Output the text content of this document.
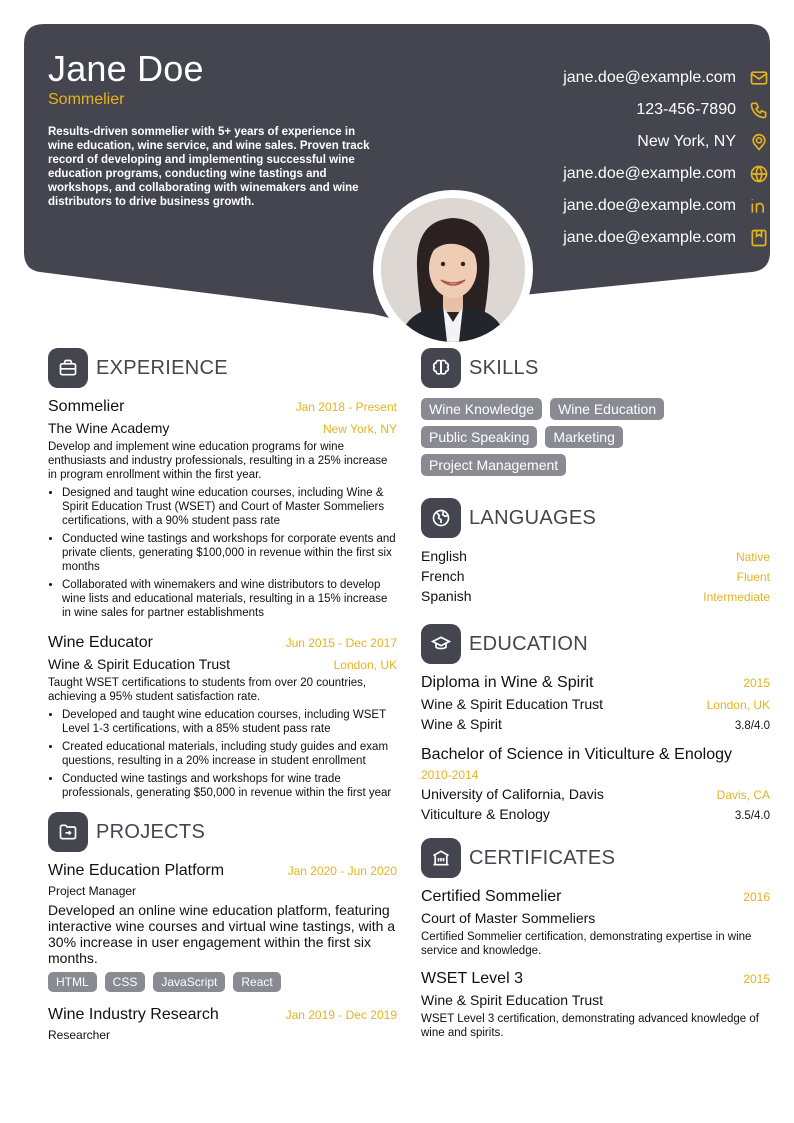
Jane Doe
Sommelier
Results-driven sommelier with 5+ years of experience in wine education, wine service, and wine sales. Proven track record of developing and implementing successful wine education programs, conducting wine tastings and workshops, and collaborating with winemakers and wine distributors to drive business growth.
jane.doe@example.com
123-456-7890
New York, NY
jane.doe@example.com
jane.doe@example.com
jane.doe@example.com
EXPERIENCE
Sommelier	Jan 2018 - Present
The Wine Academy	New York, NY
Develop and implement wine education programs for wine enthusiasts and industry professionals, resulting in a 25% increase in program enrollment within the first year.
• Designed and taught wine education courses, including Wine & Spirit Education Trust (WSET) and Court of Master Sommeliers certifications, with a 90% student pass rate
• Conducted wine tastings and workshops for corporate events and private clients, generating $100,000 in revenue within the first six months
• Collaborated with winemakers and wine distributors to develop wine lists and educational materials, resulting in a 15% increase in wine sales for partner establishments
Wine Educator	Jun 2015 - Dec 2017
Wine & Spirit Education Trust	London, UK
Taught WSET certifications to students from over 20 countries, achieving a 95% student satisfaction rate.
• Developed and taught wine education courses, including WSET Level 1-3 certifications, with a 85% student pass rate
• Created educational materials, including study guides and exam questions, resulting in a 20% increase in student enrollment
• Conducted wine tastings and workshops for wine trade professionals, generating $50,000 in revenue within the first year
PROJECTS
Wine Education Platform	Jan 2020 - Jun 2020
Project Manager
Developed an online wine education platform, featuring interactive wine courses and virtual wine tastings, with a 30% increase in user engagement within the first six months.
HTML	CSS	JavaScript	React
Wine Industry Research	Jan 2019 - Dec 2019
Researcher
SKILLS
Wine Knowledge	Wine Education
Public Speaking	Marketing
Project Management
LANGUAGES
English	Native
French	Fluent
Spanish	Intermediate
EDUCATION
Diploma in Wine & Spirit	2015
Wine & Spirit Education Trust	London, UK
Wine & Spirit	3.8/4.0
Bachelor of Science in Viticulture & Enology
2010-2014
University of California, Davis	Davis, CA
Viticulture & Enology	3.5/4.0
CERTIFICATES
Certified Sommelier	2016
Court of Master Sommeliers
Certified Sommelier certification, demonstrating expertise in wine service and knowledge.
WSET Level 3	2015
Wine & Spirit Education Trust
WSET Level 3 certification, demonstrating advanced knowledge of wine and spirits.
